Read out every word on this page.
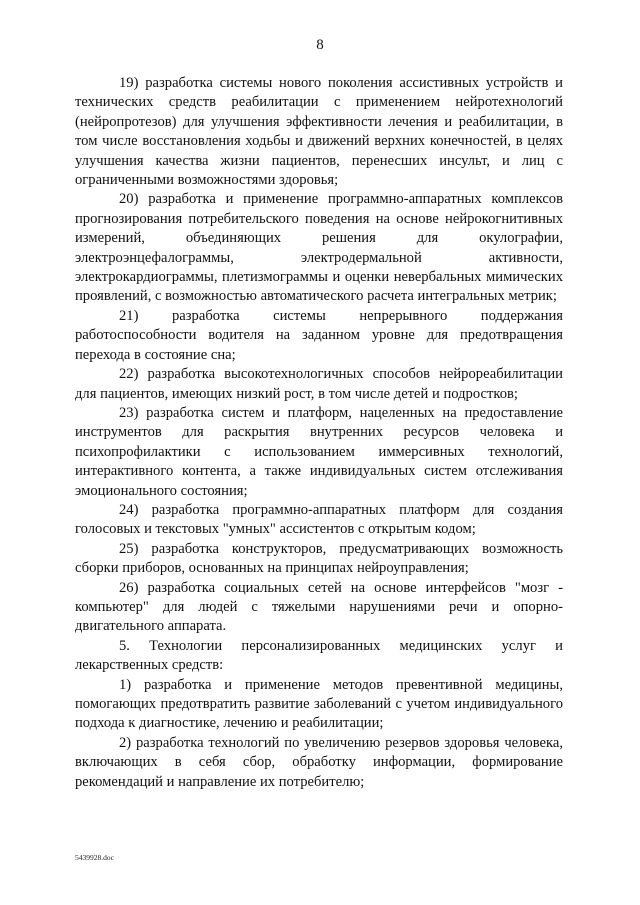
8

19) разработка системы нового поколения ассистивных устройств и технических средств реабилитации с применением нейротехнологий (нейропротезов) для улучшения эффективности лечения и реабилитации, в том числе восстановления ходьбы и движений верхних конечностей, в целях улучшения качества жизни пациентов, перенесших инсульт, и лиц с ограниченными возможностями здоровья;

20) разработка и применение программно-аппаратных комплексов прогнозирования потребительского поведения на основе нейрокогнитивных измерений, объединяющих решения для окулографии, электроэнцефалограммы, электродермальной активности, электрокардиограммы, плетизмограммы и оценки невербальных мимических проявлений, с возможностью автоматического расчета интегральных метрик;

21) разработка системы непрерывного поддержания работоспособности водителя на заданном уровне для предотвращения перехода в состояние сна;

22) разработка высокотехнологичных способов нейрореабилитации для пациентов, имеющих низкий рост, в том числе детей и подростков;

23) разработка систем и платформ, нацеленных на предоставление инструментов для раскрытия внутренних ресурсов человека и психопрофилактики с использованием иммерсивных технологий, интерактивного контента, а также индивидуальных систем отслеживания эмоционального состояния;

24) разработка программно-аппаратных платформ для создания голосовых и текстовых "умных" ассистентов с открытым кодом;

25) разработка конструкторов, предусматривающих возможность сборки приборов, основанных на принципах нейроуправления;

26) разработка социальных сетей на основе интерфейсов "мозг - компьютер" для людей с тяжелыми нарушениями речи и опорно-двигательного аппарата.

5. Технологии персонализированных медицинских услуг и лекарственных средств:

1) разработка и применение методов превентивной медицины, помогающих предотвратить развитие заболеваний с учетом индивидуального подхода к диагностике, лечению и реабилитации;

2) разработка технологий по увеличению резервов здоровья человека, включающих в себя сбор, обработку информации, формирование рекомендаций и направление их потребителю;

5439928.doc
